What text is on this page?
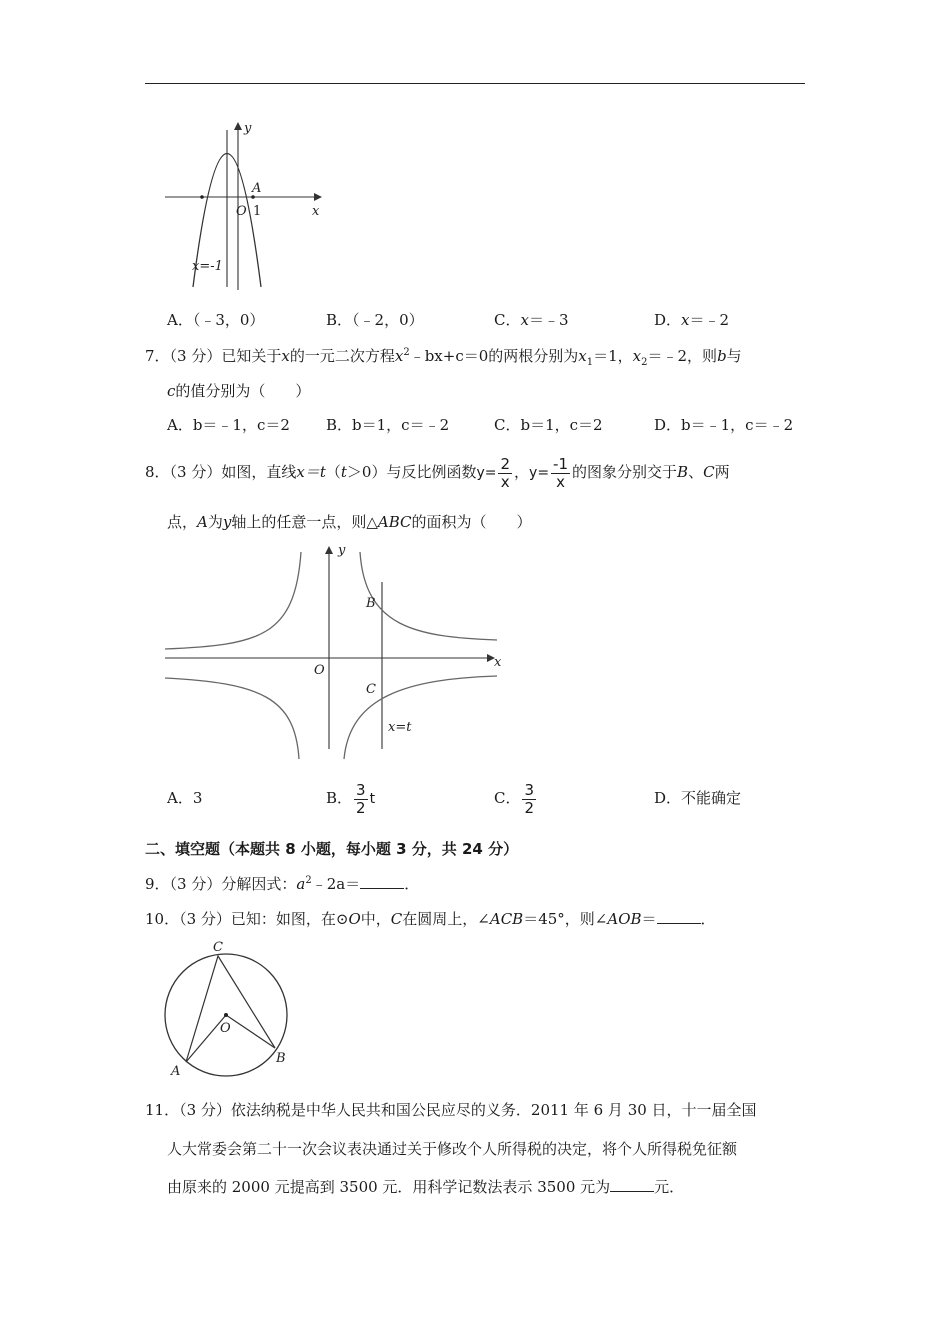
y
x
A
O 1
x=-1
A．（﹣3，0）	B．（﹣2，0）	C．x＝﹣3	D．x＝﹣2
7．（3 分）已知关于x的一元二次方程$x^2﹣bx+c=0$的两根分别为$x_1=1$，$x_2=﹣2$，则b与
c的值分别为（　　）
A．b＝﹣1，c＝2 B．b＝1，c＝﹣2	C．b＝1，c＝2	D．b＝﹣1，c＝﹣2
8．（3 分）如图，直线x＝t（t＞0）与反比例函数$y= \frac{2}{x}$ ，$y= \frac{-1}{x}$ 的图象分别交于B、C两
点，A为y轴上的任意一点，则△ABC的面积为（　　）
y
x
O
B
C
x=t
A．3	B． $\frac{3}{2}$ t	C． $\frac{3}{2}$	D．不能确定
二、填空题（本题共 8 小题，每小题 3 分，共 24 分）
9．（3 分）分解因式：$a^2﹣2a=$	．
10．（3 分）已知：如图，在⊙O中，C在圆周上，∠ACB＝45°，则∠AOB＝	．
C
O
A
B
11．（3 分）依法纳税是中华人民共和国公民应尽的义务．2011 年 6 月 30 日，十一届全国
人大常委会第二十一次会议表决通过关于修改个人所得税的决定，将个人所得税免征额
由原来的 2000 元提高到 3500 元．用科学记数法表示 3500 元为	元．
